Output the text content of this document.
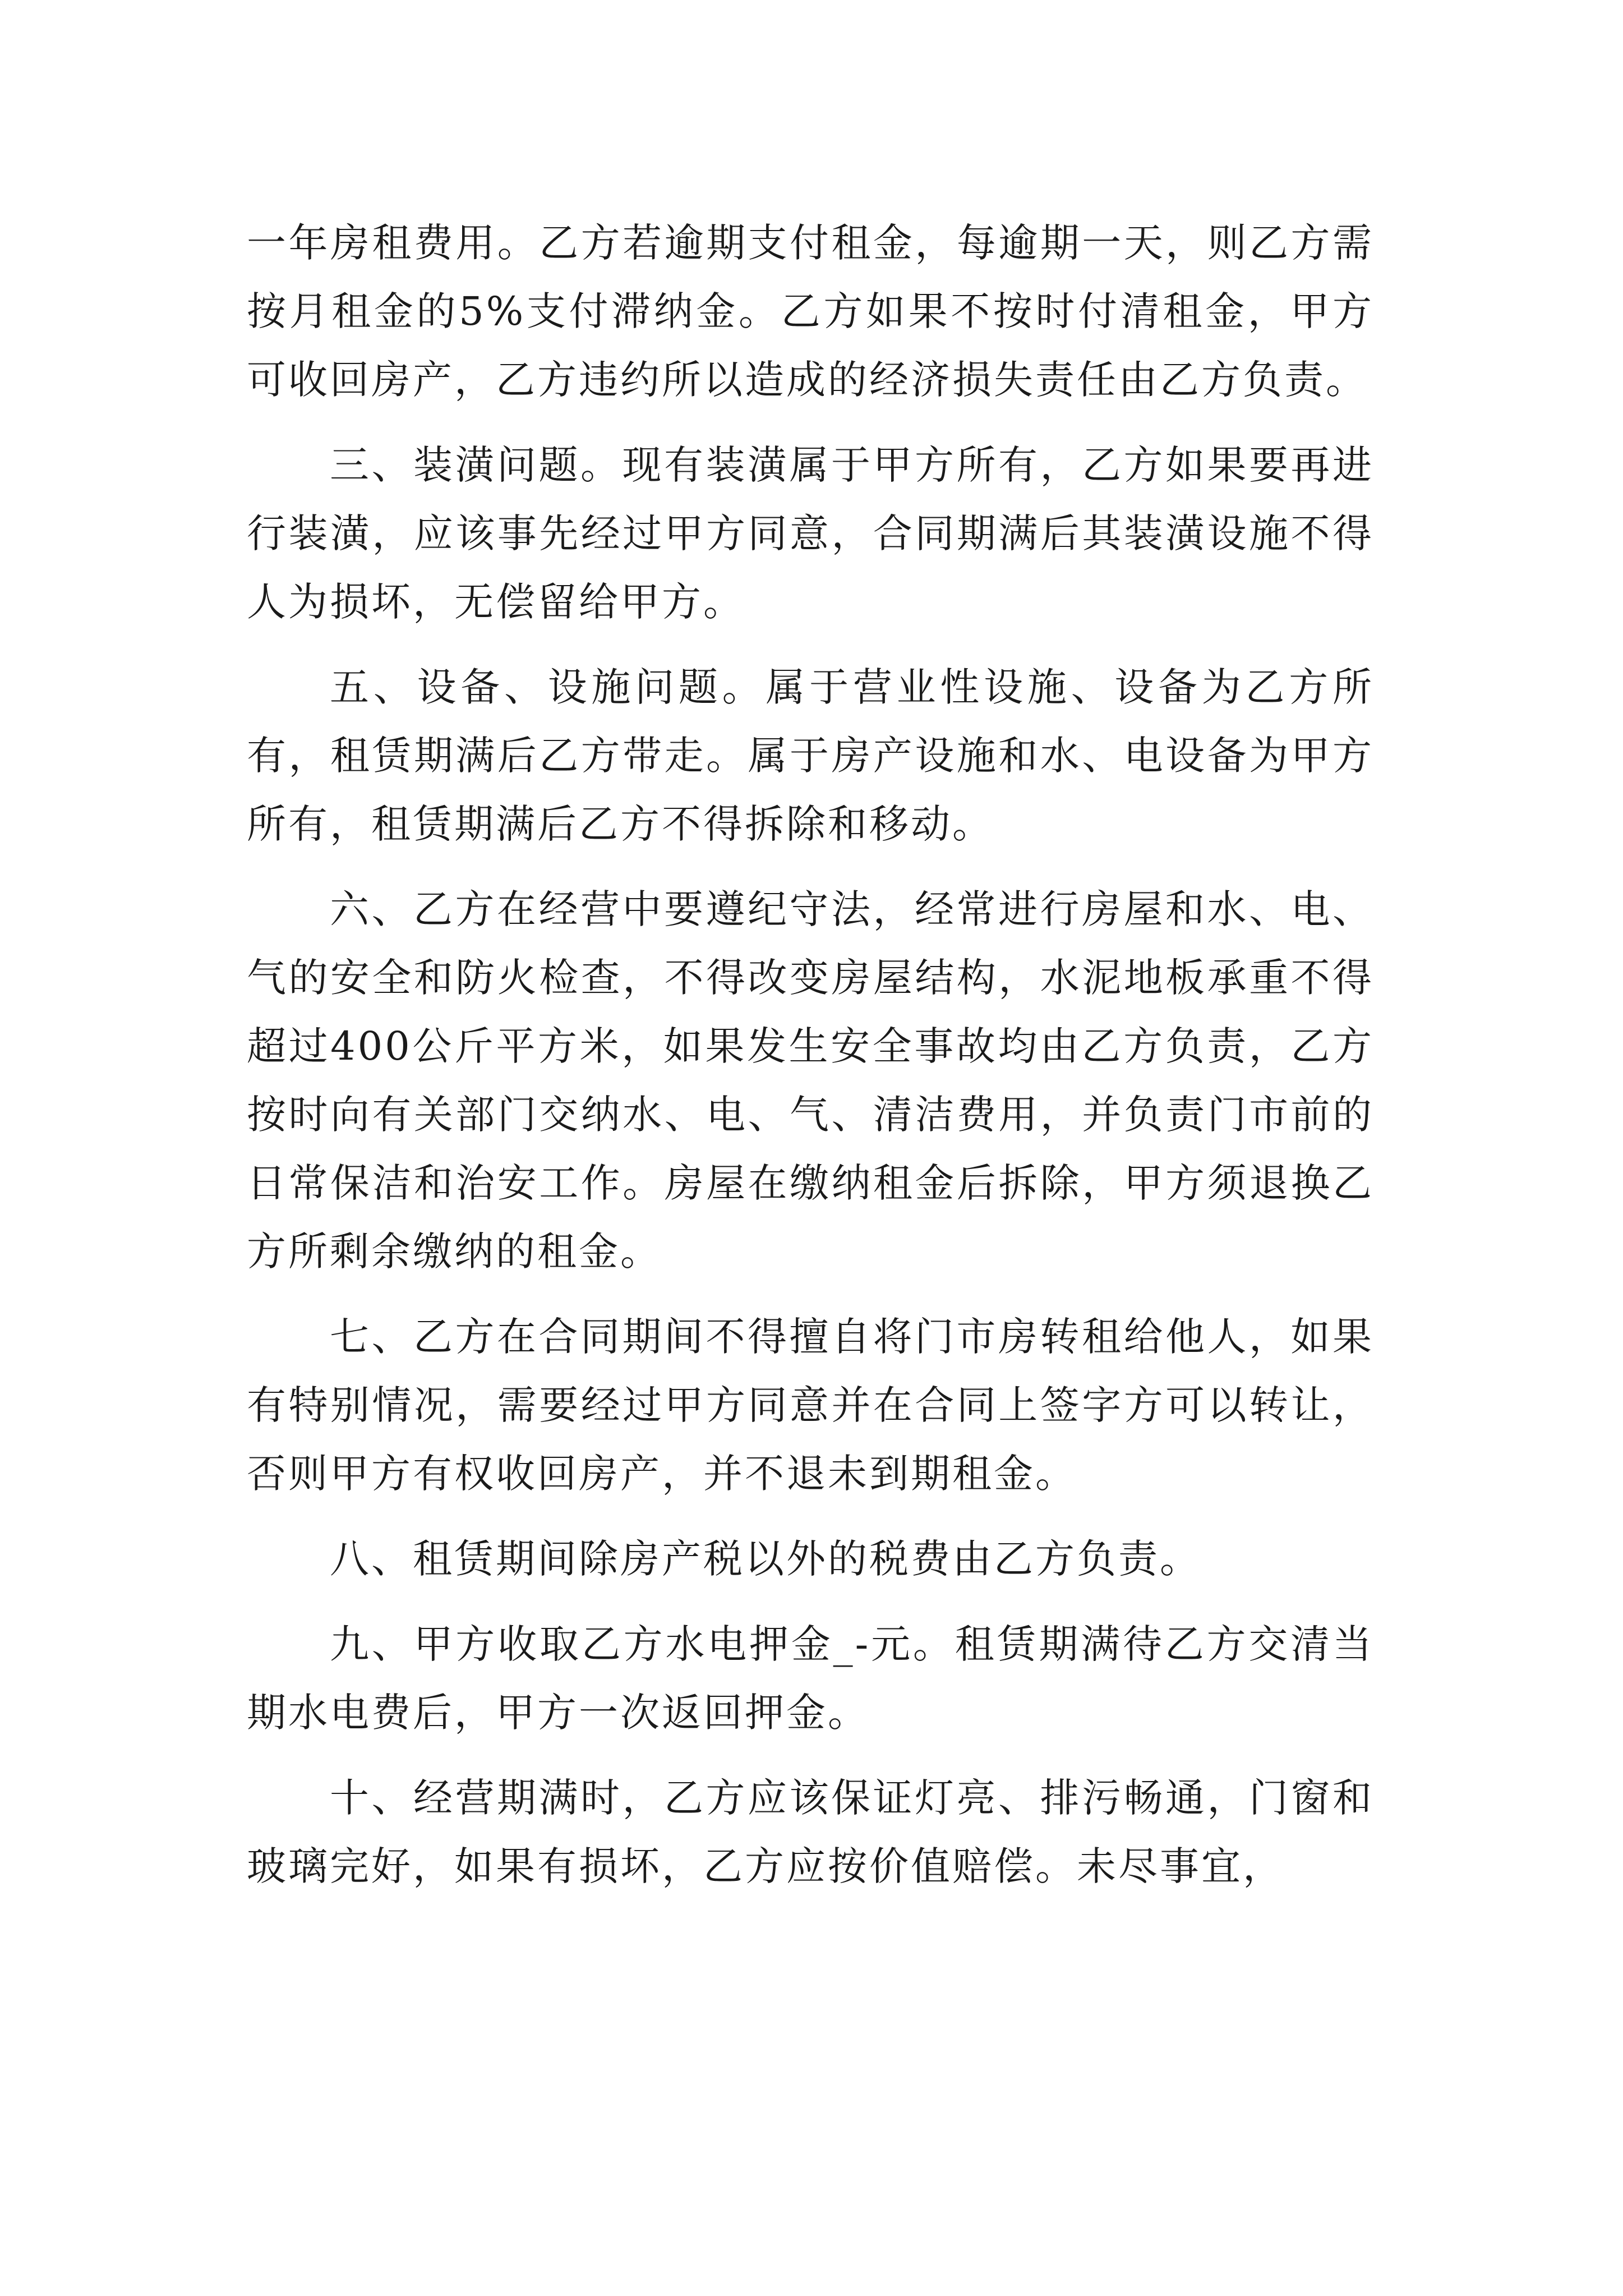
一年房租费用。乙方若逾期支付租金，每逾期一天，则乙方需按月租金的5%支付滞纳金。乙方如果不按时付清租金，甲方可收回房产，乙方违约所以造成的经济损失责任由乙方负责。

三、装潢问题。现有装潢属于甲方所有，乙方如果要再进行装潢，应该事先经过甲方同意，合同期满后其装潢设施不得人为损坏，无偿留给甲方。

五、设备、设施问题。属于营业性设施、设备为乙方所有，租赁期满后乙方带走。属于房产设施和水、电设备为甲方所有，租赁期满后乙方不得拆除和移动。

六、乙方在经营中要遵纪守法，经常进行房屋和水、电、气的安全和防火检查，不得改变房屋结构，水泥地板承重不得超过400公斤平方米，如果发生安全事故均由乙方负责，乙方按时向有关部门交纳水、电、气、清洁费用，并负责门市前的日常保洁和治安工作。房屋在缴纳租金后拆除，甲方须退换乙方所剩余缴纳的租金。

七、乙方在合同期间不得擅自将门市房转租给他人，如果有特别情况，需要经过甲方同意并在合同上签字方可以转让，否则甲方有权收回房产，并不退未到期租金。

八、租赁期间除房产税以外的税费由乙方负责。

九、甲方收取乙方水电押金_-元。租赁期满待乙方交清当期水电费后，甲方一次返回押金。

十、经营期满时，乙方应该保证灯亮、排污畅通，门窗和玻璃完好，如果有损坏，乙方应按价值赔偿。未尽事宜，
